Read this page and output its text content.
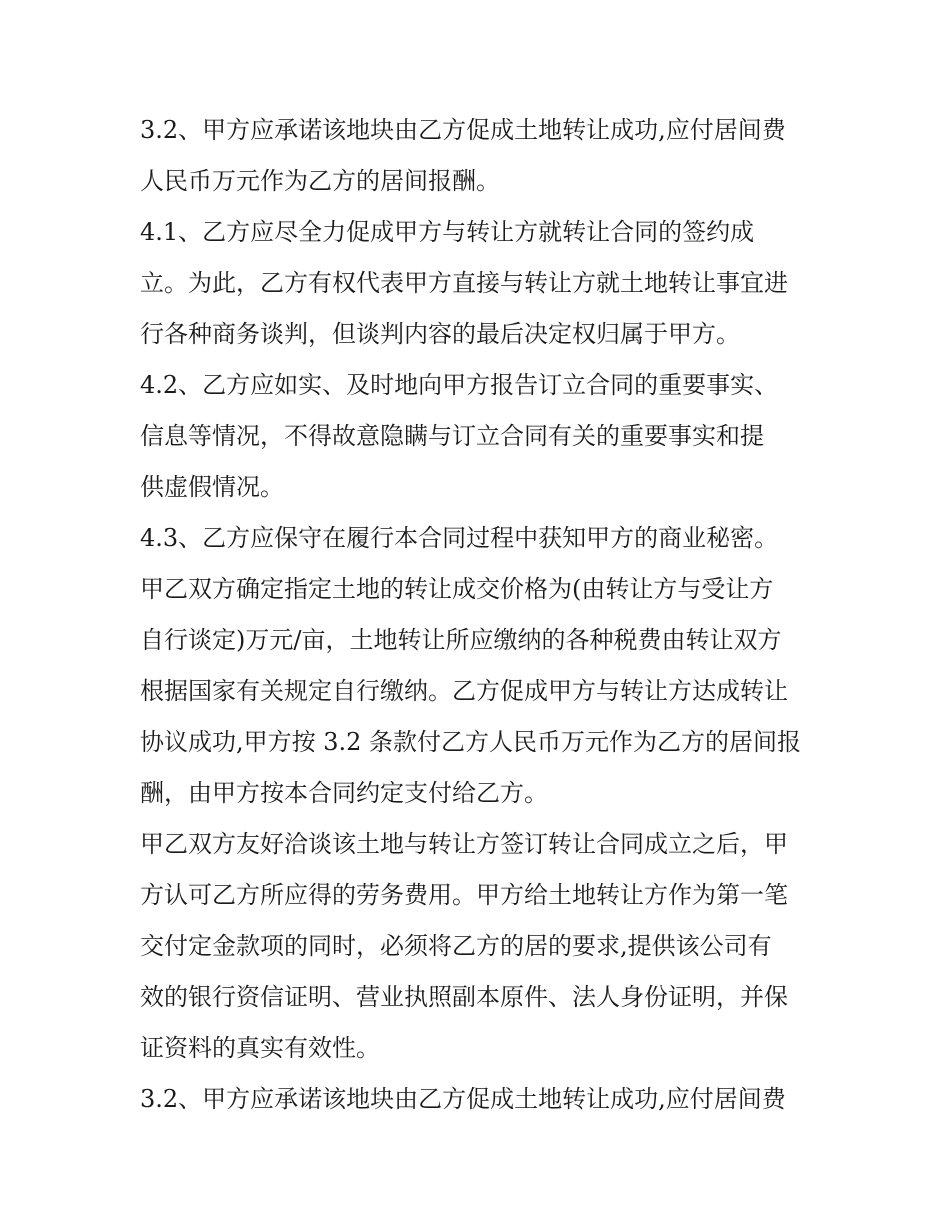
3.2、甲方应承诺该地块由乙方促成土地转让成功,应付居间费
人民币万元作为乙方的居间报酬。
4.1、乙方应尽全力促成甲方与转让方就转让合同的签约成
立。为此，乙方有权代表甲方直接与转让方就土地转让事宜进
行各种商务谈判，但谈判内容的最后决定权归属于甲方。
4.2、乙方应如实、及时地向甲方报告订立合同的重要事实、
信息等情况，不得故意隐瞒与订立合同有关的重要事实和提
供虚假情况。
4.3、乙方应保守在履行本合同过程中获知甲方的商业秘密。
甲乙双方确定指定土地的转让成交价格为(由转让方与受让方
自行谈定)万元/亩，土地转让所应缴纳的各种税费由转让双方
根据国家有关规定自行缴纳。乙方促成甲方与转让方达成转让
协议成功,甲方按 3.2 条款付乙方人民币万元作为乙方的居间报
酬，由甲方按本合同约定支付给乙方。
甲乙双方友好洽谈该土地与转让方签订转让合同成立之后，甲
方认可乙方所应得的劳务费用。甲方给土地转让方作为第一笔
交付定金款项的同时，必须将乙方的居的要求,提供该公司有
效的银行资信证明、营业执照副本原件、法人身份证明，并保
证资料的真实有效性。
3.2、甲方应承诺该地块由乙方促成土地转让成功,应付居间费
